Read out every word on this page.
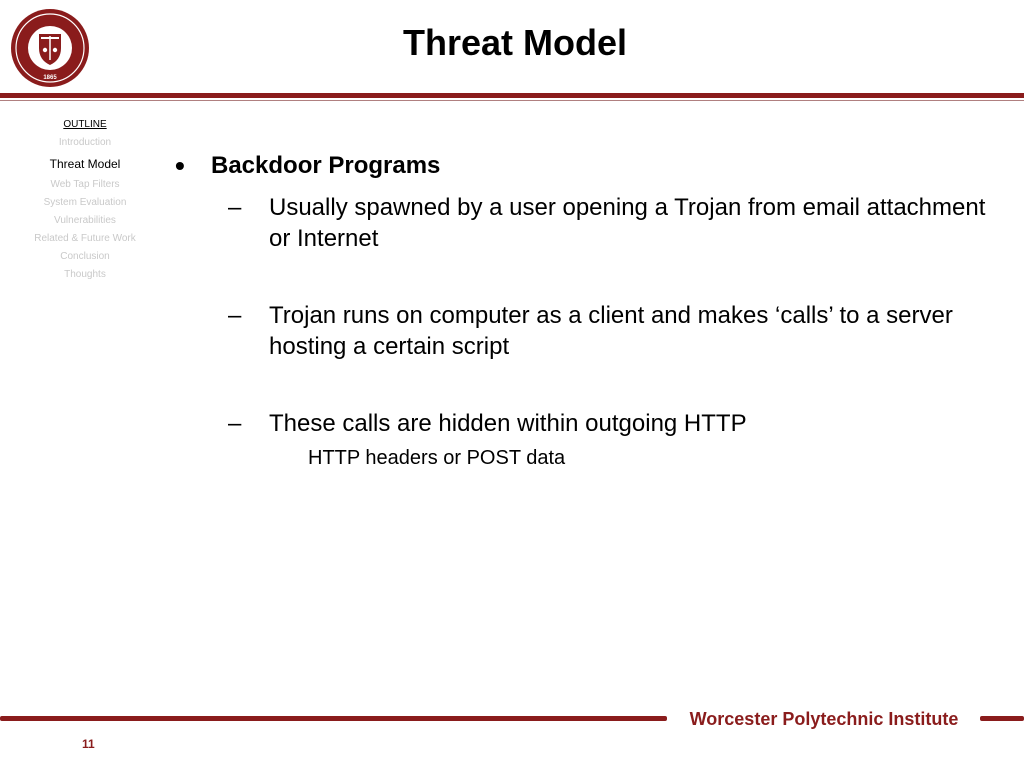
1865
Threat Model
OUTLINE
Introduction
Threat Model
Web Tap Filters
System Evaluation
Vulnerabilities
Related & Future Work
Conclusion
Thoughts
•	Backdoor Programs
–	Usually spawned by a user opening a Trojan from email attachment or Internet
–	Trojan runs on computer as a client and makes ‘calls’ to a server hosting a certain script
–	These calls are hidden within outgoing HTTP
HTTP headers or POST data
Worcester Polytechnic Institute
11
